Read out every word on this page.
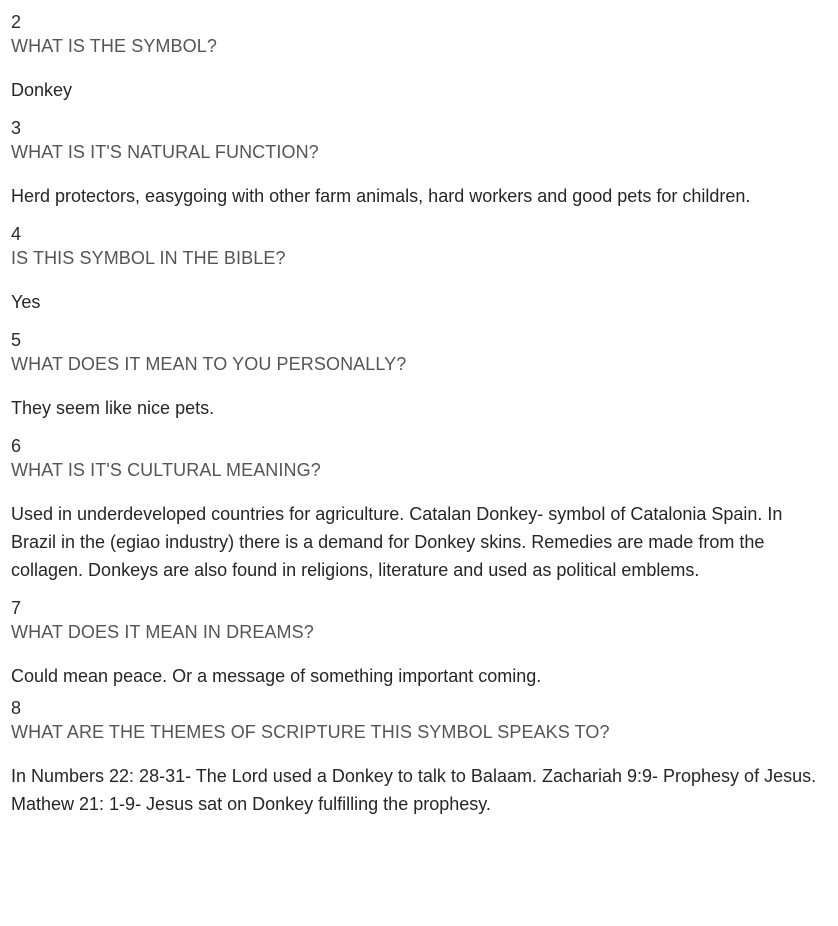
2
WHAT IS THE SYMBOL?
Donkey
3
WHAT IS IT'S NATURAL FUNCTION?
Herd protectors, easygoing with other farm animals, hard workers and good pets for children.
4
IS THIS SYMBOL IN THE BIBLE?
Yes
5
WHAT DOES IT MEAN TO YOU PERSONALLY?
They seem like nice pets.
6
WHAT IS IT'S CULTURAL MEANING?
Used in underdeveloped countries for agriculture. Catalan Donkey- symbol of Catalonia Spain. In Brazil in the (egiao industry) there is a demand for Donkey skins. Remedies are made from the collagen. Donkeys are also found in religions, literature and used as political emblems.
7
WHAT DOES IT MEAN IN DREAMS?
Could mean peace. Or a message of something important coming.
8
WHAT ARE THE THEMES OF SCRIPTURE THIS SYMBOL SPEAKS TO?
In Numbers 22: 28-31- The Lord used a Donkey to talk to Balaam. Zachariah 9:9- Prophesy of Jesus. Mathew 21: 1-9- Jesus sat on Donkey fulfilling the prophesy.
